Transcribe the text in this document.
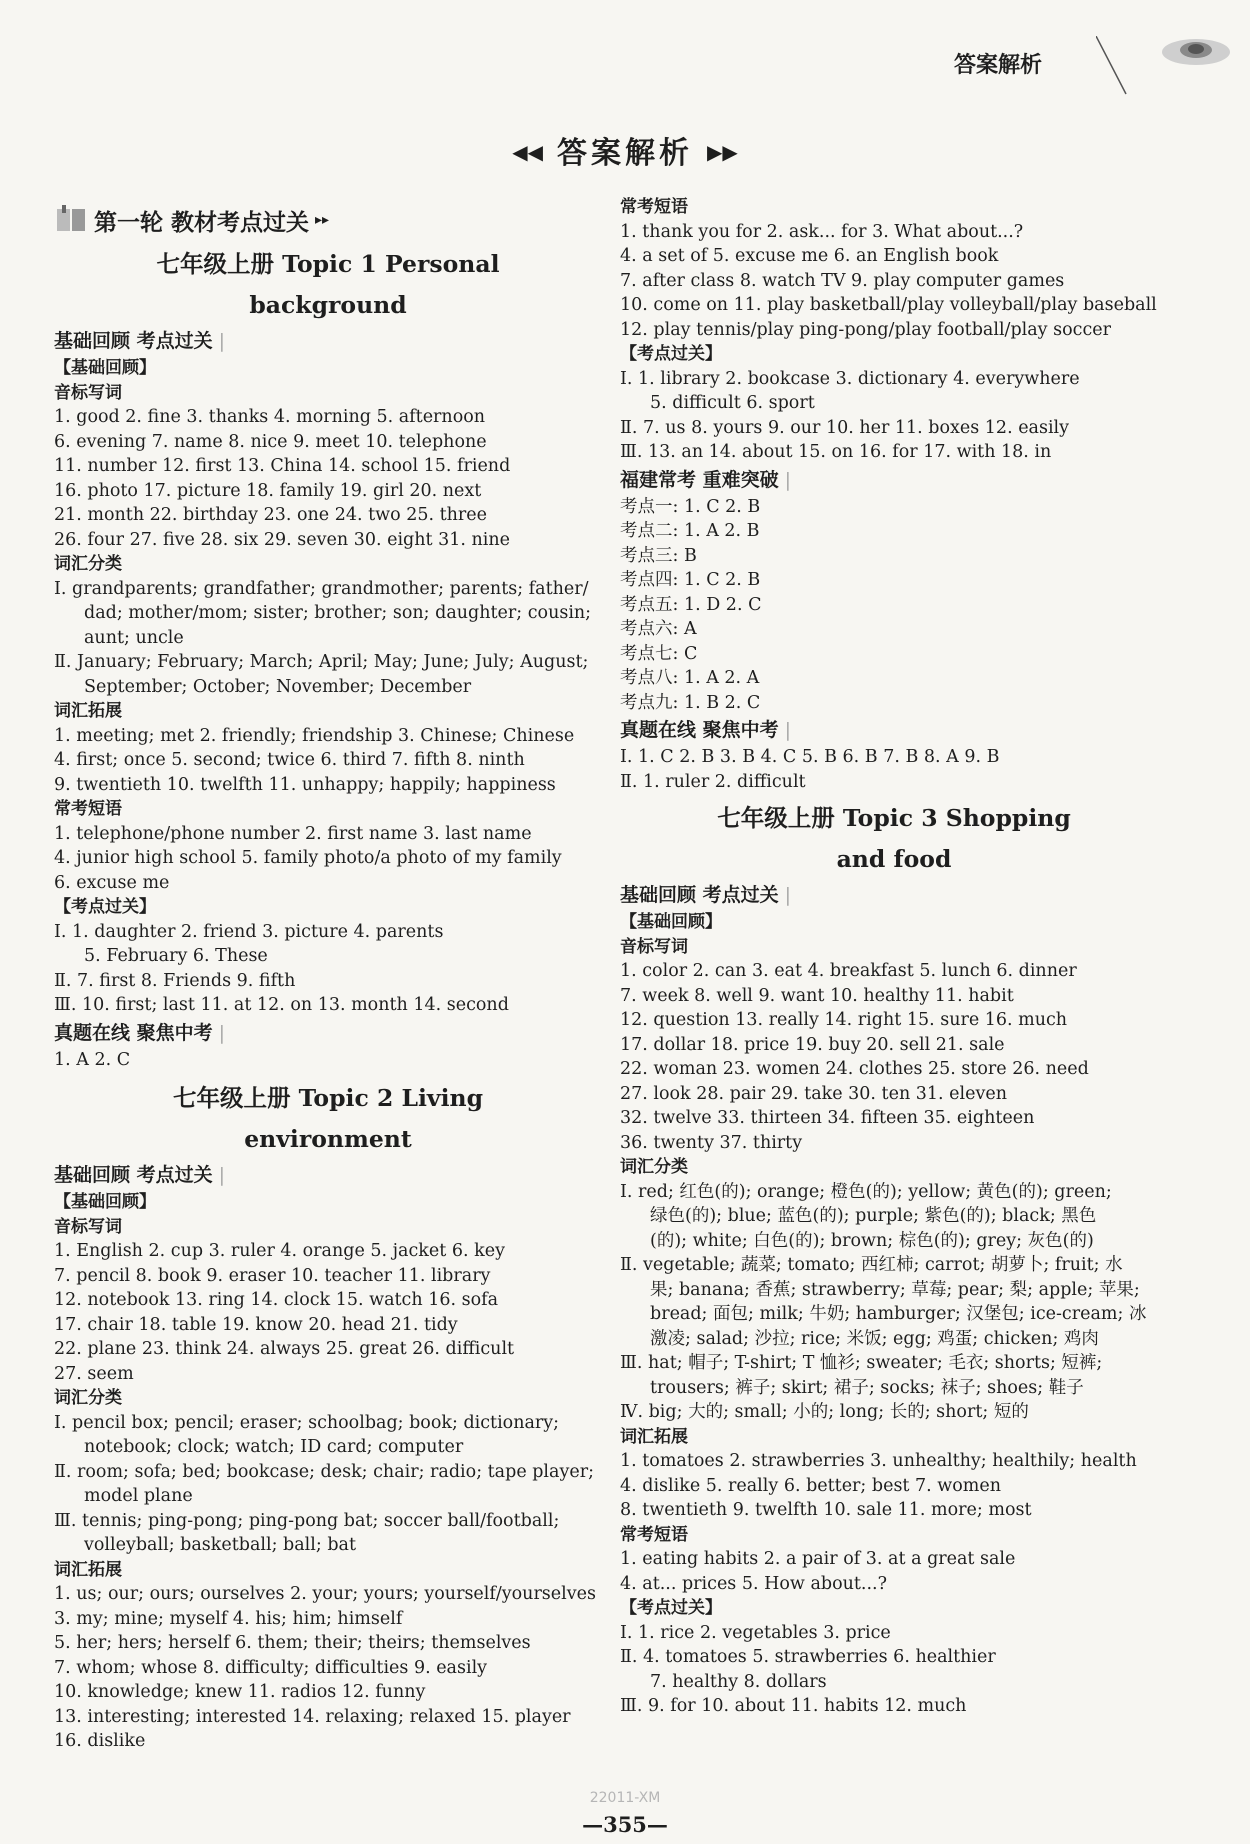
答案解析
◀◀ 答案解析 ▶▶
第一轮 教材考点过关 ▸▸
七年级上册 Topic 1 Personal
background
基础回顾 考点过关 |
【基础回顾】
音标写词
1. good 2. fine 3. thanks 4. morning 5. afternoon
6. evening 7. name 8. nice 9. meet 10. telephone
11. number 12. first 13. China 14. school 15. friend
16. photo 17. picture 18. family 19. girl 20. next
21. month 22. birthday 23. one 24. two 25. three
26. four 27. five 28. six 29. seven 30. eight 31. nine
词汇分类
Ⅰ. grandparents; grandfather; grandmother; parents; father/
dad; mother/mom; sister; brother; son; daughter; cousin;
aunt; uncle
Ⅱ. January; February; March; April; May; June; July; August;
September; October; November; December
词汇拓展
1. meeting; met 2. friendly; friendship 3. Chinese; Chinese
4. first; once 5. second; twice 6. third 7. fifth 8. ninth
9. twentieth 10. twelfth 11. unhappy; happily; happiness
常考短语
1. telephone/phone number 2. first name 3. last name
4. junior high school 5. family photo/a photo of my family
6. excuse me
【考点过关】
Ⅰ. 1. daughter 2. friend 3. picture 4. parents
5. February 6. These
Ⅱ. 7. first 8. Friends 9. fifth
Ⅲ. 10. first; last 11. at 12. on 13. month 14. second
真题在线 聚焦中考 |
1. A 2. C
七年级上册 Topic 2 Living
environment
基础回顾 考点过关 |
【基础回顾】
音标写词
1. English 2. cup 3. ruler 4. orange 5. jacket 6. key
7. pencil 8. book 9. eraser 10. teacher 11. library
12. notebook 13. ring 14. clock 15. watch 16. sofa
17. chair 18. table 19. know 20. head 21. tidy
22. plane 23. think 24. always 25. great 26. difficult
27. seem
词汇分类
Ⅰ. pencil box; pencil; eraser; schoolbag; book; dictionary;
notebook; clock; watch; ID card; computer
Ⅱ. room; sofa; bed; bookcase; desk; chair; radio; tape player;
model plane
Ⅲ. tennis; ping-pong; ping-pong bat; soccer ball/football;
volleyball; basketball; ball; bat
词汇拓展
1. us; our; ours; ourselves 2. your; yours; yourself/yourselves
3. my; mine; myself 4. his; him; himself
5. her; hers; herself 6. them; their; theirs; themselves
7. whom; whose 8. difficulty; difficulties 9. easily
10. knowledge; knew 11. radios 12. funny
13. interesting; interested 14. relaxing; relaxed 15. player
16. dislike
常考短语
1. thank you for 2. ask... for 3. What about...?
4. a set of 5. excuse me 6. an English book
7. after class 8. watch TV 9. play computer games
10. come on 11. play basketball/play volleyball/play baseball
12. play tennis/play ping-pong/play football/play soccer
【考点过关】
Ⅰ. 1. library 2. bookcase 3. dictionary 4. everywhere
5. difficult 6. sport
Ⅱ. 7. us 8. yours 9. our 10. her 11. boxes 12. easily
Ⅲ. 13. an 14. about 15. on 16. for 17. with 18. in
福建常考 重难突破 |
考点一: 1. C 2. B
考点二: 1. A 2. B
考点三: B
考点四: 1. C 2. B
考点五: 1. D 2. C
考点六: A
考点七: C
考点八: 1. A 2. A
考点九: 1. B 2. C
真题在线 聚焦中考 |
Ⅰ. 1. C 2. B 3. B 4. C 5. B 6. B 7. B 8. A 9. B
Ⅱ. 1. ruler 2. difficult
七年级上册 Topic 3 Shopping
and food
基础回顾 考点过关 |
【基础回顾】
音标写词
1. color 2. can 3. eat 4. breakfast 5. lunch 6. dinner
7. week 8. well 9. want 10. healthy 11. habit
12. question 13. really 14. right 15. sure 16. much
17. dollar 18. price 19. buy 20. sell 21. sale
22. woman 23. women 24. clothes 25. store 26. need
27. look 28. pair 29. take 30. ten 31. eleven
32. twelve 33. thirteen 34. fifteen 35. eighteen
36. twenty 37. thirty
词汇分类
Ⅰ. red; 红色(的); orange; 橙色(的); yellow; 黄色(的); green;
绿色(的); blue; 蓝色(的); purple; 紫色(的); black; 黑色
(的); white; 白色(的); brown; 棕色(的); grey; 灰色(的)
Ⅱ. vegetable; 蔬菜; tomato; 西红柿; carrot; 胡萝卜; fruit; 水
果; banana; 香蕉; strawberry; 草莓; pear; 梨; apple; 苹果;
bread; 面包; milk; 牛奶; hamburger; 汉堡包; ice-cream; 冰
激凌; salad; 沙拉; rice; 米饭; egg; 鸡蛋; chicken; 鸡肉
Ⅲ. hat; 帽子; T-shirt; T 恤衫; sweater; 毛衣; shorts; 短裤;
trousers; 裤子; skirt; 裙子; socks; 袜子; shoes; 鞋子
Ⅳ. big; 大的; small; 小的; long; 长的; short; 短的
词汇拓展
1. tomatoes 2. strawberries 3. unhealthy; healthily; health
4. dislike 5. really 6. better; best 7. women
8. twentieth 9. twelfth 10. sale 11. more; most
常考短语
1. eating habits 2. a pair of 3. at a great sale
4. at... prices 5. How about...?
【考点过关】
Ⅰ. 1. rice 2. vegetables 3. price
Ⅱ. 4. tomatoes 5. strawberries 6. healthier
7. healthy 8. dollars
Ⅲ. 9. for 10. about 11. habits 12. much
22011-XM
—355—
